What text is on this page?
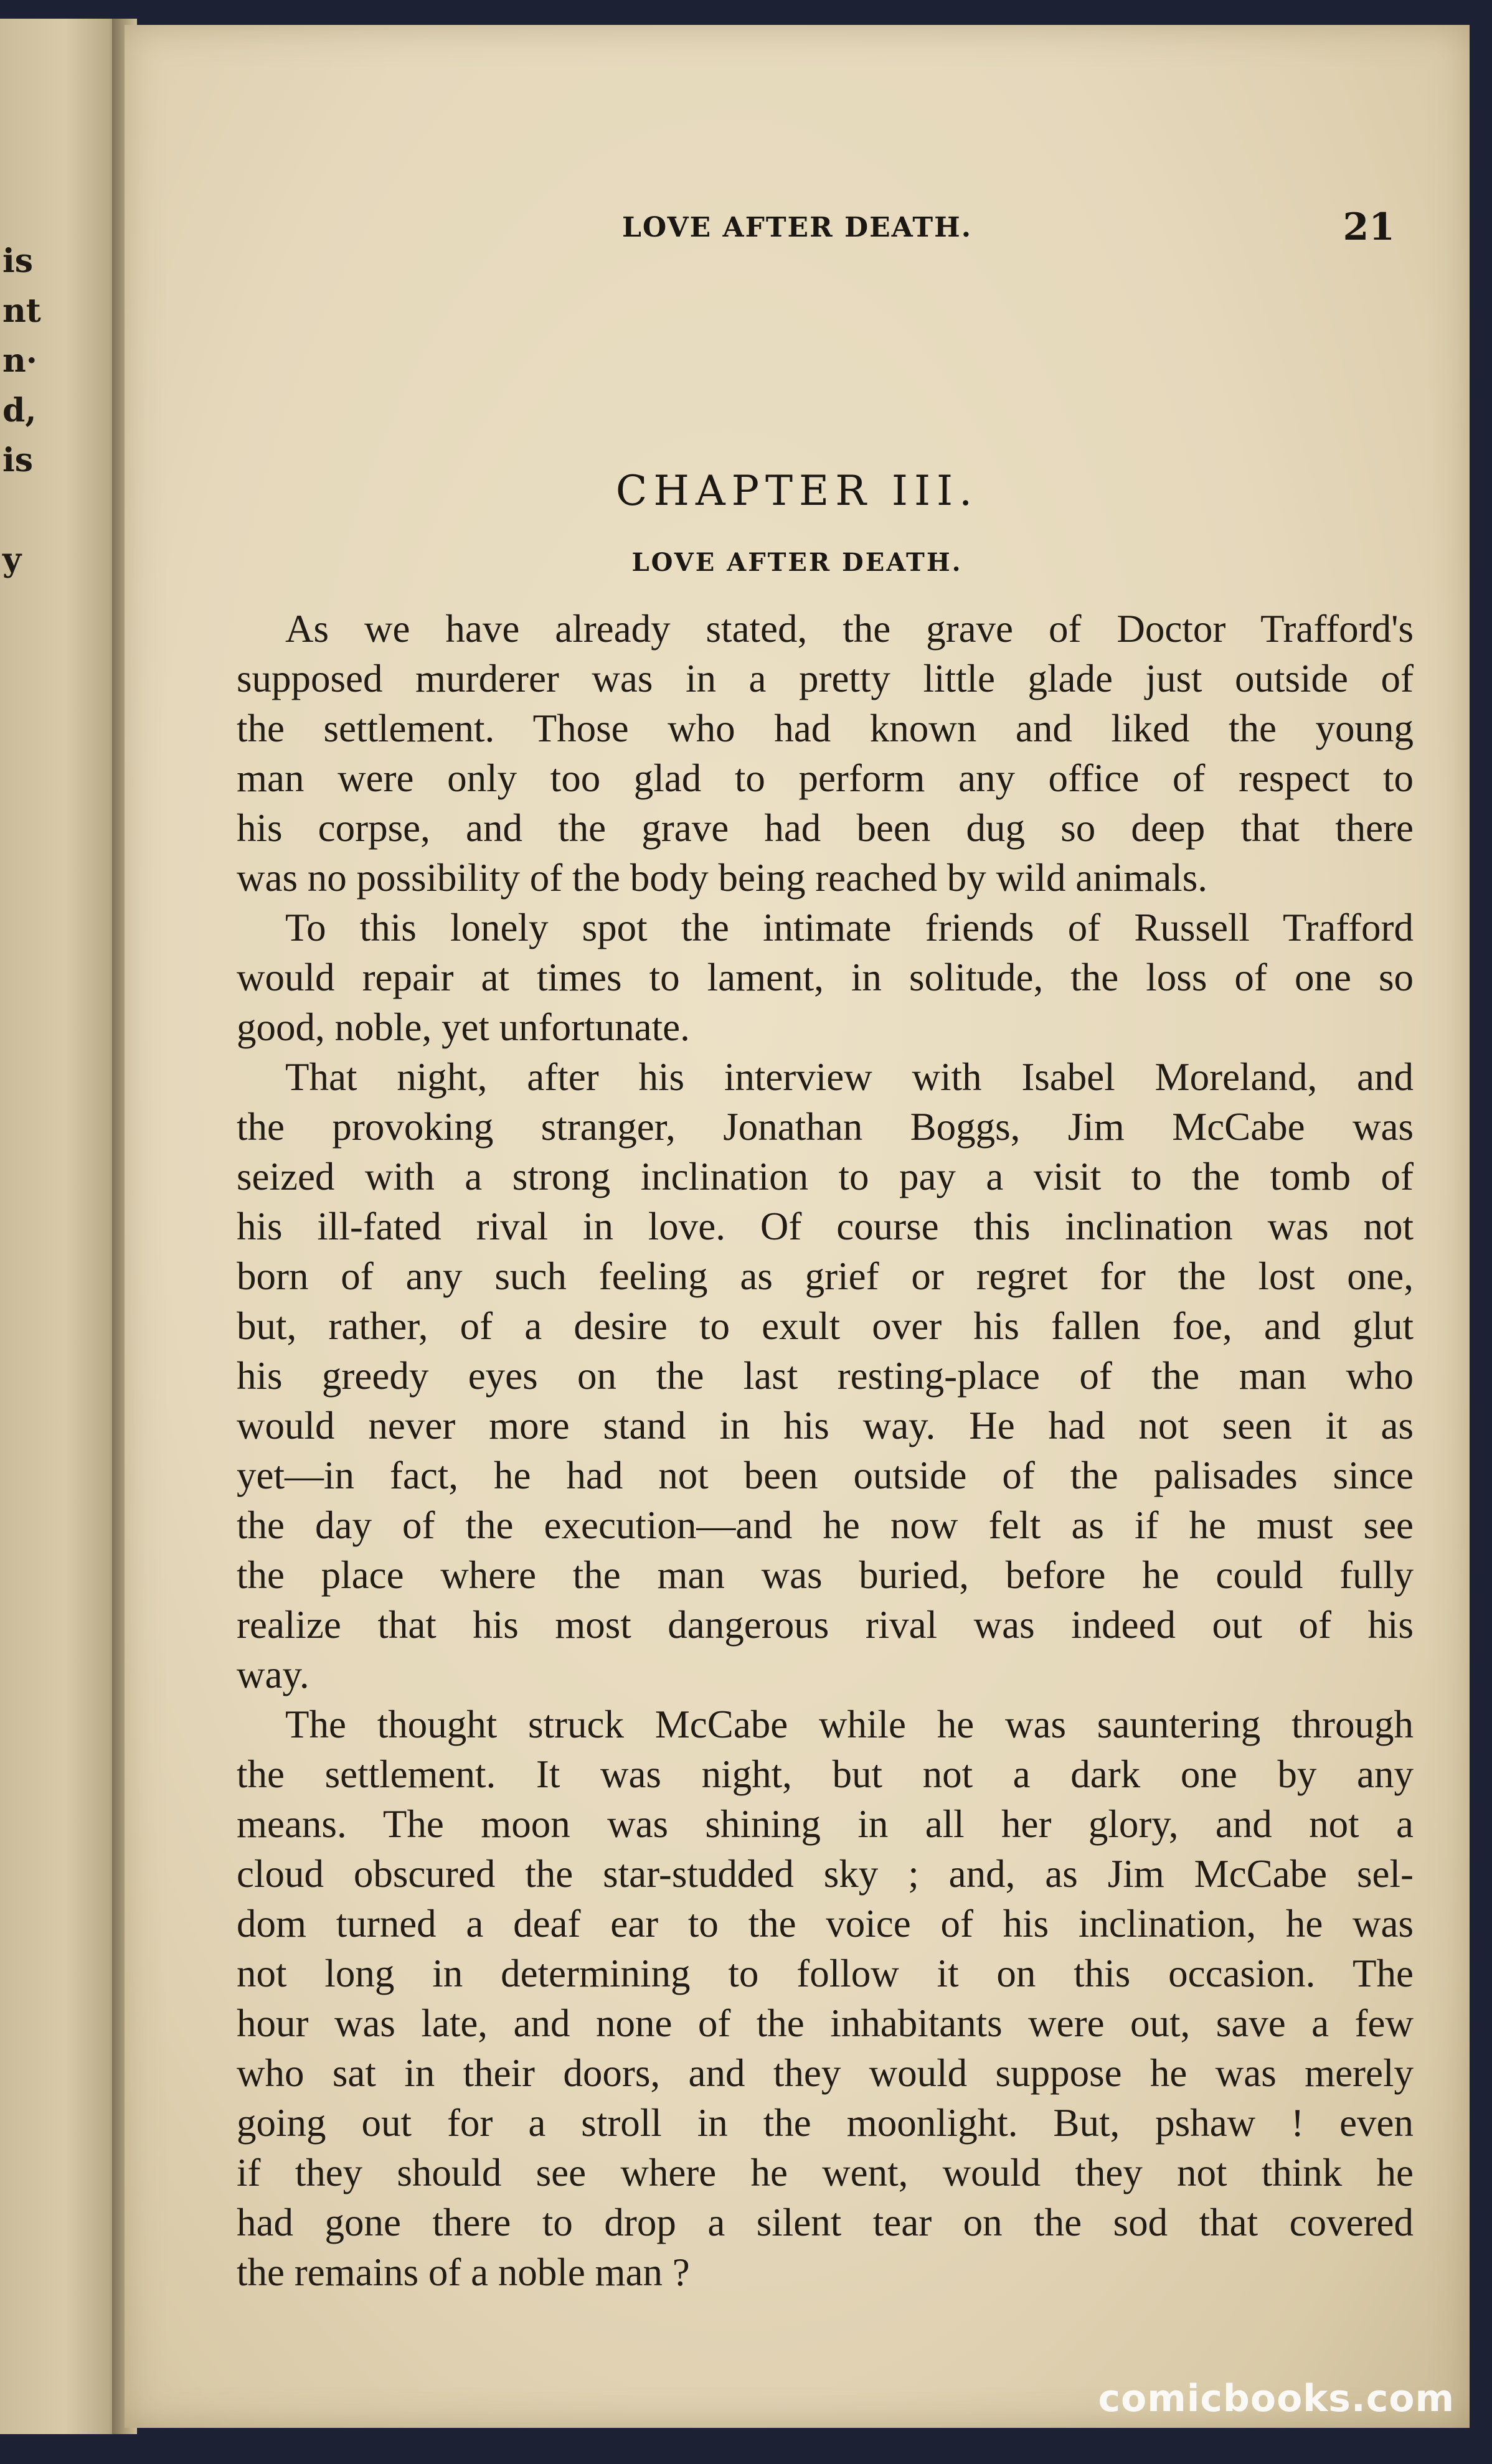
is
nt
n·
d,
is
y
LOVE AFTER DEATH.	21
CHAPTER III.
LOVE AFTER DEATH.
As we have already stated, the grave of Doctor Trafford's
supposed murderer was in a pretty little glade just outside of
the settlement. Those who had known and liked the young
man were only too glad to perform any office of respect to
his corpse, and the grave had been dug so deep that there
was no possibility of the body being reached by wild animals.
To this lonely spot the intimate friends of Russell Trafford
would repair at times to lament, in solitude, the loss of one so
good, noble, yet unfortunate.
That night, after his interview with Isabel Moreland, and
the provoking stranger, Jonathan Boggs, Jim McCabe was
seized with a strong inclination to pay a visit to the tomb of
his ill-fated rival in love. Of course this inclination was not
born of any such feeling as grief or regret for the lost one,
but, rather, of a desire to exult over his fallen foe, and glut
his greedy eyes on the last resting-place of the man who
would never more stand in his way. He had not seen it as
yet—in fact, he had not been outside of the palisades since
the day of the execution—and he now felt as if he must see
the place where the man was buried, before he could fully
realize that his most dangerous rival was indeed out of his
way.
The thought struck McCabe while he was sauntering through
the settlement. It was night, but not a dark one by any
means. The moon was shining in all her glory, and not a
cloud obscured the star-studded sky ; and, as Jim McCabe sel-
dom turned a deaf ear to the voice of his inclination, he was
not long in determining to follow it on this occasion. The
hour was late, and none of the inhabitants were out, save a few
who sat in their doors, and they would suppose he was merely
going out for a stroll in the moonlight. But, pshaw ! even
if they should see where he went, would they not think he
had gone there to drop a silent tear on the sod that covered
the remains of a noble man ?
comicbooks.com
